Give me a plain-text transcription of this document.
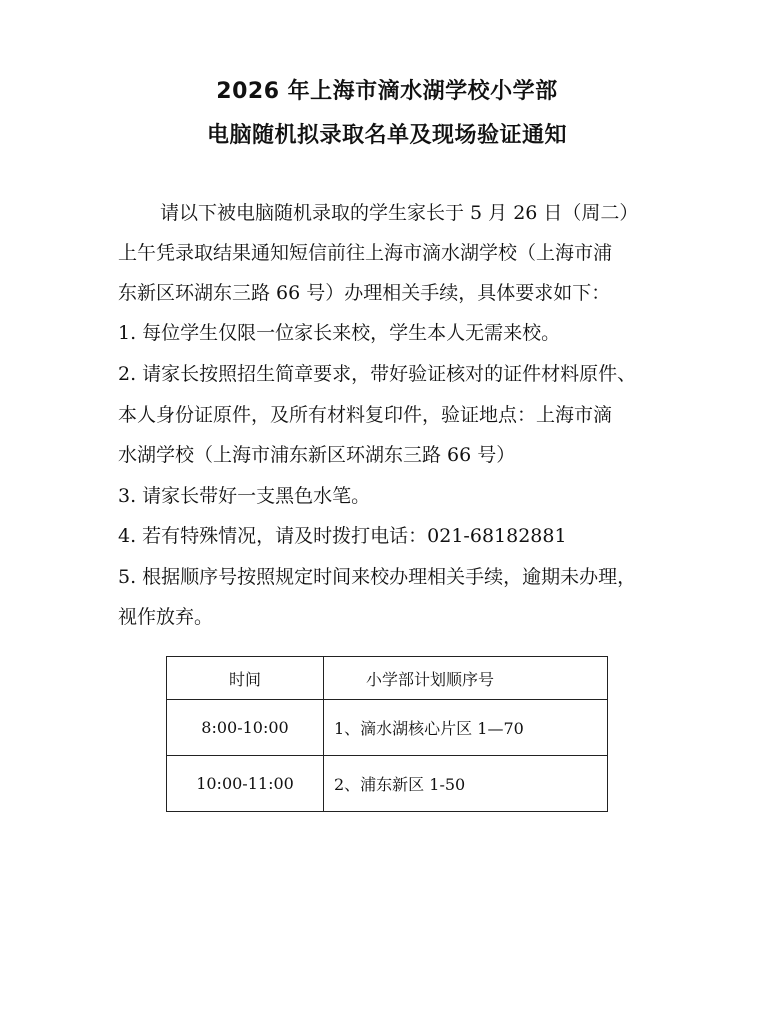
2026 年上海市滴水湖学校小学部
电脑随机拟录取名单及现场验证通知
请以下被电脑随机录取的学生家长于 5 月 26 日（周二）
上午凭录取结果通知短信前往上海市滴水湖学校（上海市浦
东新区环湖东三路 66 号）办理相关手续，具体要求如下：
1. 每位学生仅限一位家长来校，学生本人无需来校。
2. 请家长按照招生简章要求，带好验证核对的证件材料原件、
本人身份证原件，及所有材料复印件，验证地点：上海市滴
水湖学校（上海市浦东新区环湖东三路 66 号）
3. 请家长带好一支黑色水笔。
4. 若有特殊情况，请及时拨打电话：021-68182881
5. 根据顺序号按照规定时间来校办理相关手续，逾期未办理，
视作放弃。
时间	小学部计划顺序号
8:00-10:00	1、滴水湖核心片区 1—70
10:00-11:00	2、浦东新区 1-50
